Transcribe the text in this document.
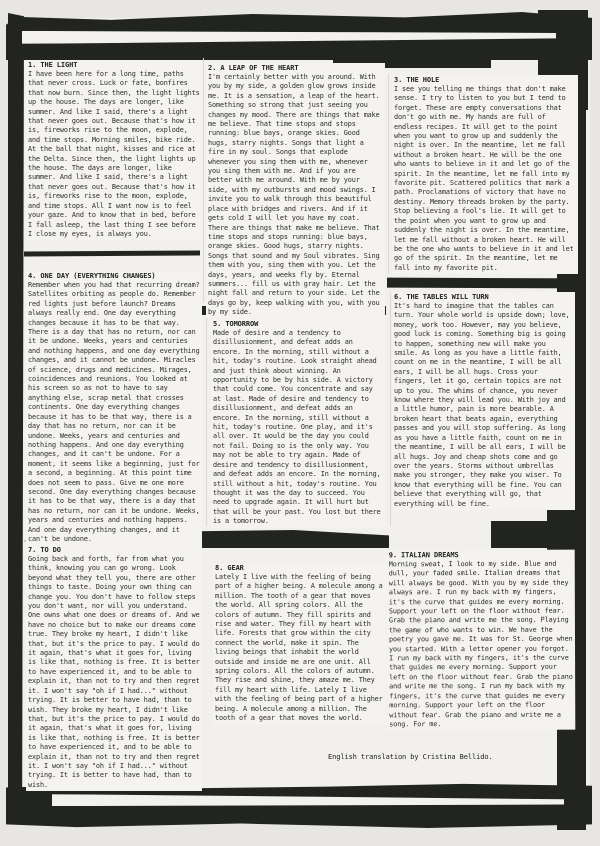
1. THE LIGHT

I have been here for a long time, paths that never cross. Luck or fate, bonfires that now burn. Since then, the light lights up the house. The days are longer, like summer. And like I said, there's a light that never goes out. Because that's how it is, fireworks rise to the moon, explode, and time stops. Morning smiles, bike ride. At the ball that night, kisses and rice at the Delta. Since then, the light lights up the house. The days are longer, like summer. And like I said, there's a light that never goes out. Because that's how it is, fireworks rise to the moon, explode, and time stops. All I want now is to feel your gaze. And to know that in bed, before I fall asleep, the last thing I see before I close my eyes, is always you.

4. ONE DAY (EVERYTHING CHANGES)

Remember when you had that recurring dream? Satellites orbiting as people do. Remember red lights just before launch? Dreams always really end. One day everything changes because it has to be that way. There is a day that has no return, nor can it be undone. Weeks, years and centuries and nothing happens, and one day everything changes, and it cannot be undone. Miracles of science, drugs and medicines. Mirages, coincidences and reunions. You looked at his screen so as not to have to say anything else, scrap metal that crosses continents. One day everything changes because it has to be that way, there is a day that has no return, nor can it be undone. Weeks, years and centuries and nothing happens. And one day everything changes, and it can't be undone. For a moment, it seems like a beginning, just for a second, a beginning. At this point time does not seem to pass. Give me one more second. One day everything changes because it has to be that way, there is a day that has no return, nor can it be undone. Weeks, years and centuries and nothing happens. And one day everything changes, and it can't be undone.

7. TO DO

Going back and forth, far from what you think, knowing you can go wrong. Look beyond what they tell you, there are other things to taste. Doing your own thing can change you. You don't have to follow steps you don't want, nor will you understand. One owns what one does or dreams of. And we have no choice but to make our dreams come true. They broke my heart, I didn't like that, but it's the price to pay. I would do it again, that's what it goes for, living is like that, nothing is free. It is better to have experienced it, and to be able to explain it, than not to try and then regret it. I won't say "oh if I had..." without trying. It is better to have had, than to wish. They broke my heart, I didn't like that, but it's the price to pay. I would do it again, that's what it goes for, living is like that, nothing is free. It is better to have experienced it, and to be able to explain it, than not to try and then regret it. I won't say "oh if I had..." without trying. It is better to have had, than to wish.

2. A LEAP OF THE HEART

I'm certainly better with you around. With you by my side, a golden glow grows inside me. It is a sensation, a leap of the heart. Something so strong that just seeing you changes my mood. There are things that make me believe. That time stops and stops running: blue bays, orange skies. Good hugs, starry nights. Songs that light a fire in my soul. Songs that explode whenever you sing them with me, whenever you sing them with me. And if you are better with me around. With me by your side, with my outbursts and mood swings. I invite you to walk through this beautiful place with bridges and rivers. And if it gets cold I will let you have my coat. There are things that make me believe. That time stops and stops running: blue bays, orange skies. Good hugs, starry nights. Songs that sound and my Soul vibrates. Sing them with you, sing them with you. Let the days, years, and weeks fly by. Eternal summers... fill us with gray hair. Let the night fall and return to your side. Let the days go by, keep walking with you, with you by my side.

5. TOMORROW

Made of desire and a tendency to disillusionment, and defeat adds an encore. In the morning, still without a hit, today's routine. Look straight ahead and just think about winning. An opportunity to be by his side. A victory that could come. You concentrate and say at last. Made of desire and tendency to disillusionment, and defeat adds an encore. In the morning, still without a hit, today's routine. One play, and it's all over. It would be the day you could not fail. Doing so is the only way. You may not be able to try again. Made of desire and tendency to disillusionment, and defeat adds an encore. In the morning, still without a hit, today's routine. You thought it was the day to succeed. You need to upgrade again. It will hurt but that will be your past. You lost but there is a tomorrow.

8. GEAR

Lately I live with the feeling of being part of a higher being. A molecule among a million. The tooth of a gear that moves the world. All spring colors. All the colors of autumn. They fill spirits and rise and water. They fill my heart with life. Forests that grow within the city connect the world, make it spin. The living beings that inhabit the world outside and inside me are one unit. All spring colors. All the colors of autumn. They rise and shine, they amaze me. They fill my heart with life. Lately I live with the feeling of being part of a higher being. A molecule among a million. The tooth of a gear that moves the world.

3. THE HOLE

I see you telling me things that don't make sense. I try to listen to you but I tend to forget. These are empty conversations that don't go with me. My hands are full of endless recipes. It will get to the point when you want to grow up and suddenly the night is over. In the meantime, let me fall without a broken heart. He will be the one who wants to believe in it and let go of the spirit. In the meantime, let me fall into my favorite pit. Scattered politics that mark a path. Proclamations of victory that have no destiny. Memory threads broken by the party. Stop believing a fool's lie. It will get to the point when you want to grow up and suddenly the night is over. In the meantime, let me fall without a broken heart. He will be the one who wants to believe in it and let go of the spirit. In the meantime, let me fall into my favorite pit.

6. THE TABLES WILL TURN

It's hard to imagine that the tables can turn. Your whole world is upside down; love, money, work too. However, may you believe, good luck is coming. Something big is going to happen, something new will make you smile. As long as you have a little faith, count on me in the meantime, I will be all ears, I will be all hugs. Cross your fingers, let it go, certain topics are not up to you. The whims of chance, you never know where they will lead you. With joy and a little humor, pain is more bearable. A broken heart that beats again, everything passes and you will stop suffering. As long as you have a little faith, count on me in the meantime, I will be all ears, I will be all hugs. Joy and cheap shots come and go over the years. Storms without umbrellas make you stronger, they make you wiser. To know that everything will be fine. You can believe that everything will go, that everything will be fine.

9. ITALIAN DREAMS

Morning sweat, I look to my side. Blue and dull, your faded smile. Italian dreams that will always be good. With you by my side they always are. I run my back with my fingers, it's the curve that guides me every morning. Support your left on the floor without fear. Grab the piano and write me the song. Playing the game of who wants to win. We have the poetry you gave me. It was for St. George when you started. With a letter opener you forgot. I run my back with my fingers, it's the curve that guides me every morning. Support your left on the floor without fear. Grab the piano and write me the song. I run my back with my fingers, it's the curve that guides me every morning. Support your left on the floor without fear. Grab the piano and write me a song. For me.

English translation by Cristina Bellido.
